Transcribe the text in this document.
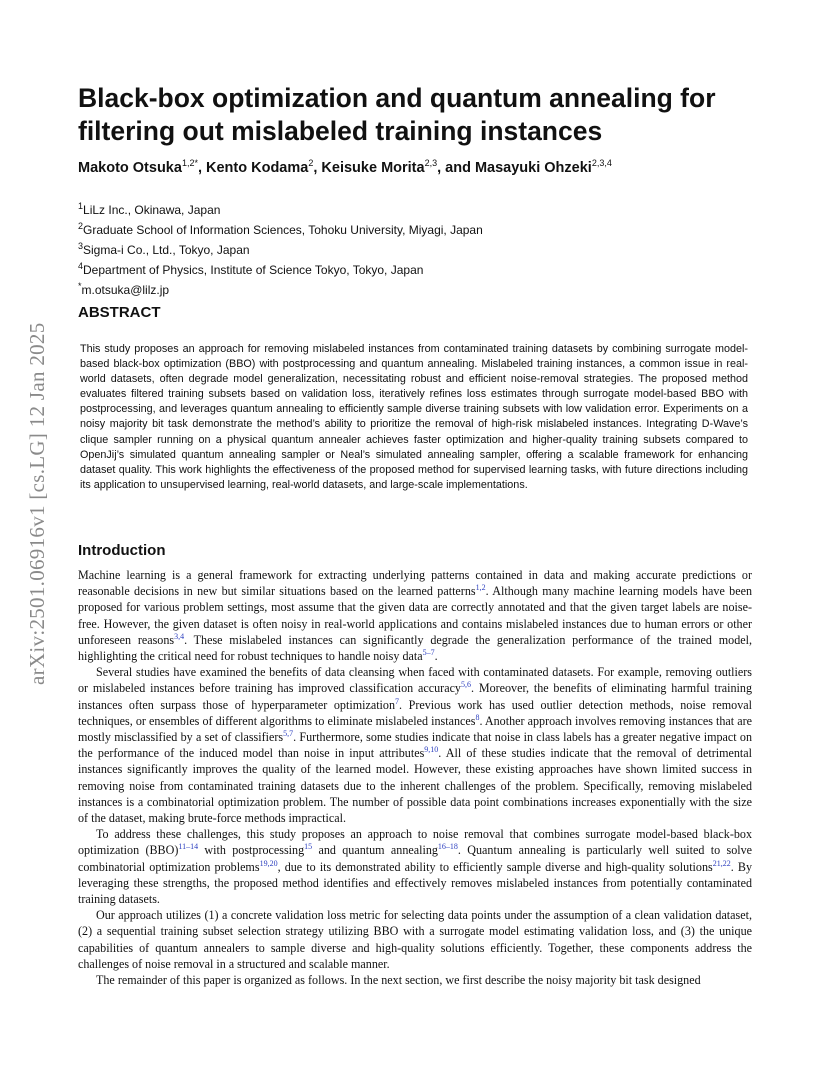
arXiv:2501.06916v1 [cs.LG] 12 Jan 2025
Black-box optimization and quantum annealing for filtering out mislabeled training instances
Makoto Otsuka$^{1,2*}$, Kento Kodama$^2$, Keisuke Morita$^{2,3}$, and Masayuki Ohzeki$^{2,3,4}$
$^1$LiLz Inc., Okinawa, Japan
$^2$Graduate School of Information Sciences, Tohoku University, Miyagi, Japan
$^3$Sigma-i Co., Ltd., Tokyo, Japan
$^4$Department of Physics, Institute of Science Tokyo, Tokyo, Japan
*m.otsuka@lilz.jp
ABSTRACT
This study proposes an approach for removing mislabeled instances from contaminated training datasets by combining surrogate model-based black-box optimization (BBO) with postprocessing and quantum annealing. Mislabeled training instances, a common issue in real-world datasets, often degrade model generalization, necessitating robust and efficient noise-removal strategies. The proposed method evaluates filtered training subsets based on validation loss, iteratively refines loss estimates through surrogate model-based BBO with postprocessing, and leverages quantum annealing to efficiently sample diverse training subsets with low validation error. Experiments on a noisy majority bit task demonstrate the method’s ability to prioritize the removal of high-risk mislabeled instances. Integrating D-Wave’s clique sampler running on a physical quantum annealer achieves faster optimization and higher-quality training subsets compared to OpenJij’s simulated quantum annealing sampler or Neal’s simulated annealing sampler, offering a scalable framework for enhancing dataset quality. This work highlights the effectiveness of the proposed method for supervised learning tasks, with future directions including its application to unsupervised learning, real-world datasets, and large-scale implementations.
Introduction

Machine learning is a general framework for extracting underlying patterns contained in data and making accurate predictions or reasonable decisions in new but similar situations based on the learned patterns$^{1,2}$. Although many machine learning models have been proposed for various problem settings, most assume that the given data are correctly annotated and that the given target labels are noise-free. However, the given dataset is often noisy in real-world applications and contains mislabeled instances due to human errors or other unforeseen reasons$^{3,4}$. These mislabeled instances can significantly degrade the generalization performance of the trained model, highlighting the critical need for robust techniques to handle noisy data$^{5-7}$.

Several studies have examined the benefits of data cleansing when faced with contaminated datasets. For example, removing outliers or mislabeled instances before training has improved classification accuracy$^{5,6}$. Moreover, the benefits of eliminating harmful training instances often surpass those of hyperparameter optimization$^7$. Previous work has used outlier detection methods, noise removal techniques, or ensembles of different algorithms to eliminate mislabeled instances$^8$. Another approach involves removing instances that are mostly misclassified by a set of classifiers$^{5,7}$. Furthermore, some studies indicate that noise in class labels has a greater negative impact on the performance of the induced model than noise in input attributes$^{9,10}$. All of these studies indicate that the removal of detrimental instances significantly improves the quality of the learned model. However, these existing approaches have shown limited success in removing noise from contaminated training datasets due to the inherent challenges of the problem. Specifically, removing mislabeled instances is a combinatorial optimization problem. The number of possible data point combinations increases exponentially with the size of the dataset, making brute-force methods impractical.

To address these challenges, this study proposes an approach to noise removal that combines surrogate model-based black-box optimization (BBO)$^{11-14}$ with postprocessing$^{15}$ and quantum annealing$^{16-18}$. Quantum annealing is particularly well suited to solve combinatorial optimization problems$^{19,20}$, due to its demonstrated ability to efficiently sample diverse and high-quality solutions$^{21,22}$. By leveraging these strengths, the proposed method identifies and effectively removes mislabeled instances from potentially contaminated training datasets.

Our approach utilizes (1) a concrete validation loss metric for selecting data points under the assumption of a clean validation dataset, (2) a sequential training subset selection strategy utilizing BBO with a surrogate model estimating validation loss, and (3) the unique capabilities of quantum annealers to sample diverse and high-quality solutions efficiently. Together, these components address the challenges of noise removal in a structured and scalable manner.

The remainder of this paper is organized as follows. In the next section, we first describe the noisy majority bit task designed
